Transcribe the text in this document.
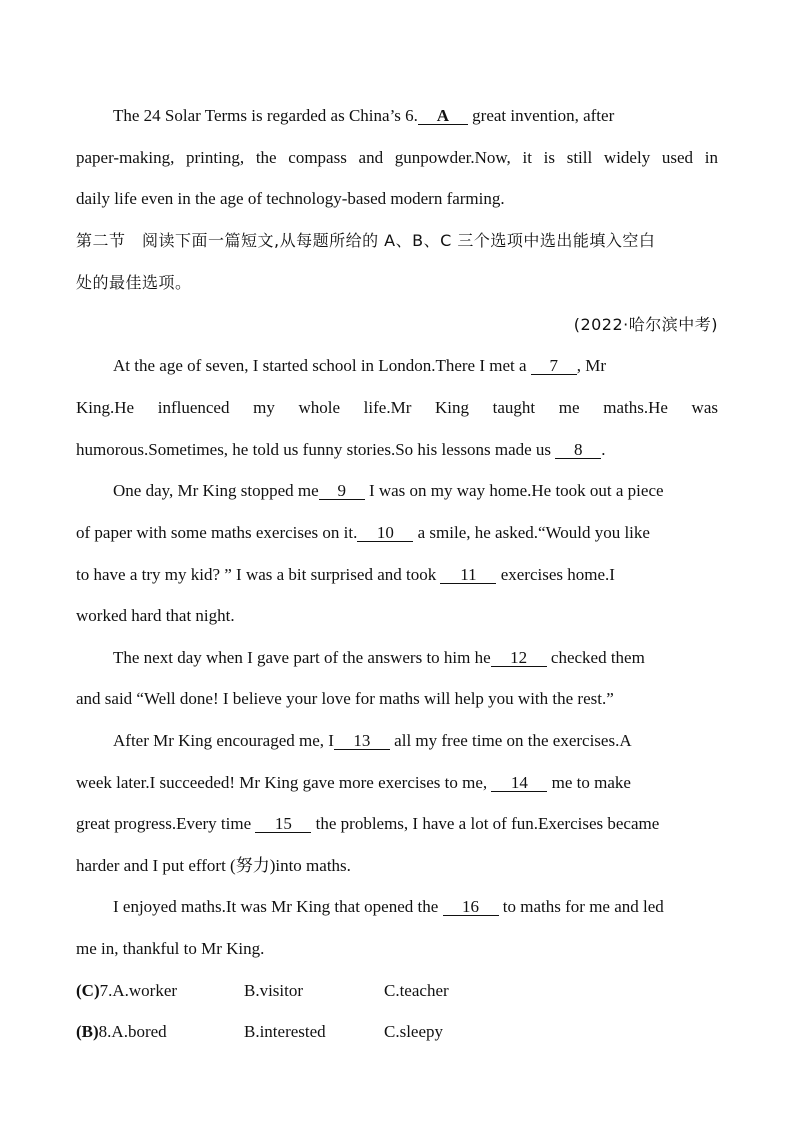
The 24 Solar Terms is regarded as China’s 6. A great invention, after
paper-making, printing, the compass and gunpowder.Now, it is still widely used in
daily life even in the age of technology-based modern farming.
第二节　阅读下面一篇短文,从每题所给的 A、B、C 三个选项中选出能填入空白
处的最佳选项。
(2022·哈尔滨中考)
At the age of seven, I started school in London.There I met a 7 , Mr
King.He influenced my whole life.Mr King taught me maths.He was
humorous.Sometimes, he told us funny stories.So his lessons made us 8 .
One day, Mr King stopped me 9 I was on my way home.He took out a piece
of paper with some maths exercises on it. 10 a smile, he asked.“Would you like
to have a try my kid? ” I was a bit surprised and took 11 exercises home.I
worked hard that night.
The next day when I gave part of the answers to him he 12 checked them
and said “Well done! I believe your love for maths will help you with the rest.”
After Mr King encouraged me, I 13 all my free time on the exercises.A
week later.I succeeded! Mr King gave more exercises to me, 14 me to make
great progress.Every time 15 the problems, I have a lot of fun.Exercises became
harder and I put effort (努力)into maths.
I enjoyed maths.It was Mr King that opened the 16 to maths for me and led
me in, thankful to Mr King.
(C)7.A.worker	B.visitor	C.teacher
(B)8.A.bored	B.interested	C.sleepy
